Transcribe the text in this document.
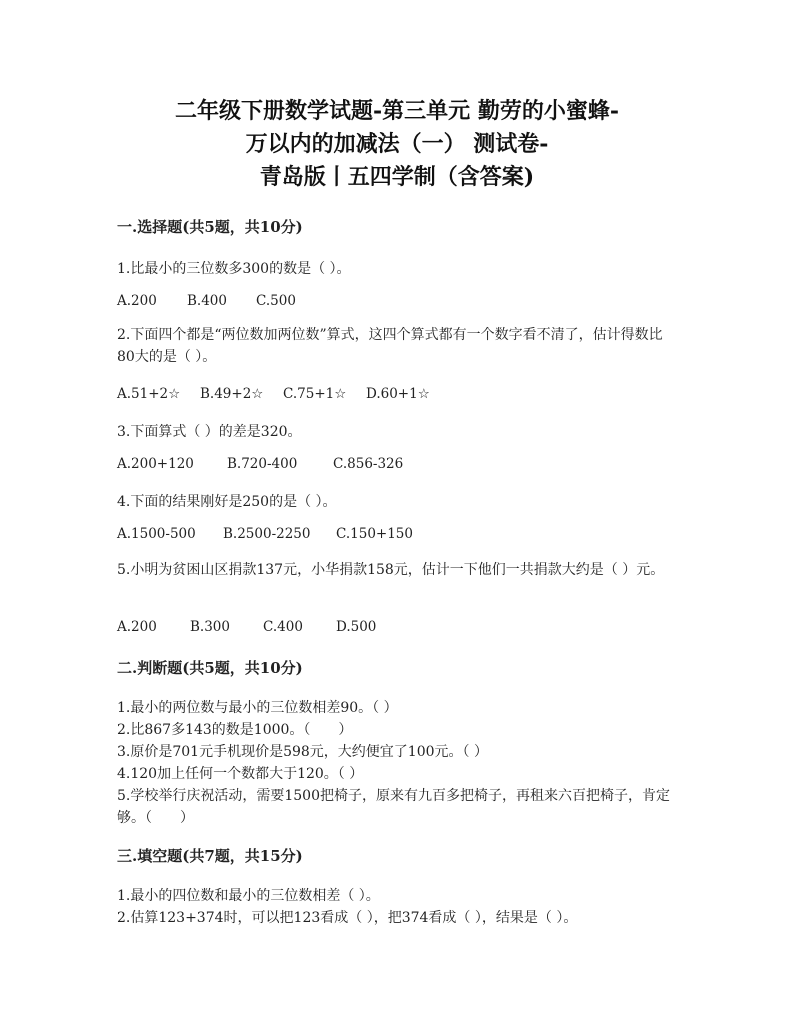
二年级下册数学试题-第三单元 勤劳的小蜜蜂-
万以内的加减法（一） 测试卷-
青岛版丨五四学制（含答案)
一.选择题(共5题，共10分)
1.比最小的三位数多300的数是（ ）。
A.200 B.400 C.500
2.下面四个都是“两位数加两位数”算式，这四个算式都有一个数字看不清了，估计得数比80大的是（ ）。
A.51+2☆ B.49+2☆ C.75+1☆ D.60+1☆
3.下面算式（ ）的差是320。
A.200+120 B.720-400	C.856-326
4.下面的结果刚好是250的是（ ）。
A.1500-500 B.2500-2250 C.150+150
5.小明为贫困山区捐款137元，小华捐款158元，估计一下他们一共捐款大约是（ ）元。
A.200 B.300 C.400 D.500
二.判断题(共5题，共10分)
1.最小的两位数与最小的三位数相差90。（ ）
2.比867多143的数是1000。（　　）
3.原价是701元手机现价是598元，大约便宜了100元。（ ）
4.120加上任何一个数都大于120。（ ）
5.学校举行庆祝活动，需要1500把椅子，原来有九百多把椅子，再租来六百把椅子，肯定够。（　　）
三.填空题(共7题，共15分)
1.最小的四位数和最小的三位数相差（ ）。
2.估算123+374时，可以把123看成（ ），把374看成（ ），结果是（ ）。
